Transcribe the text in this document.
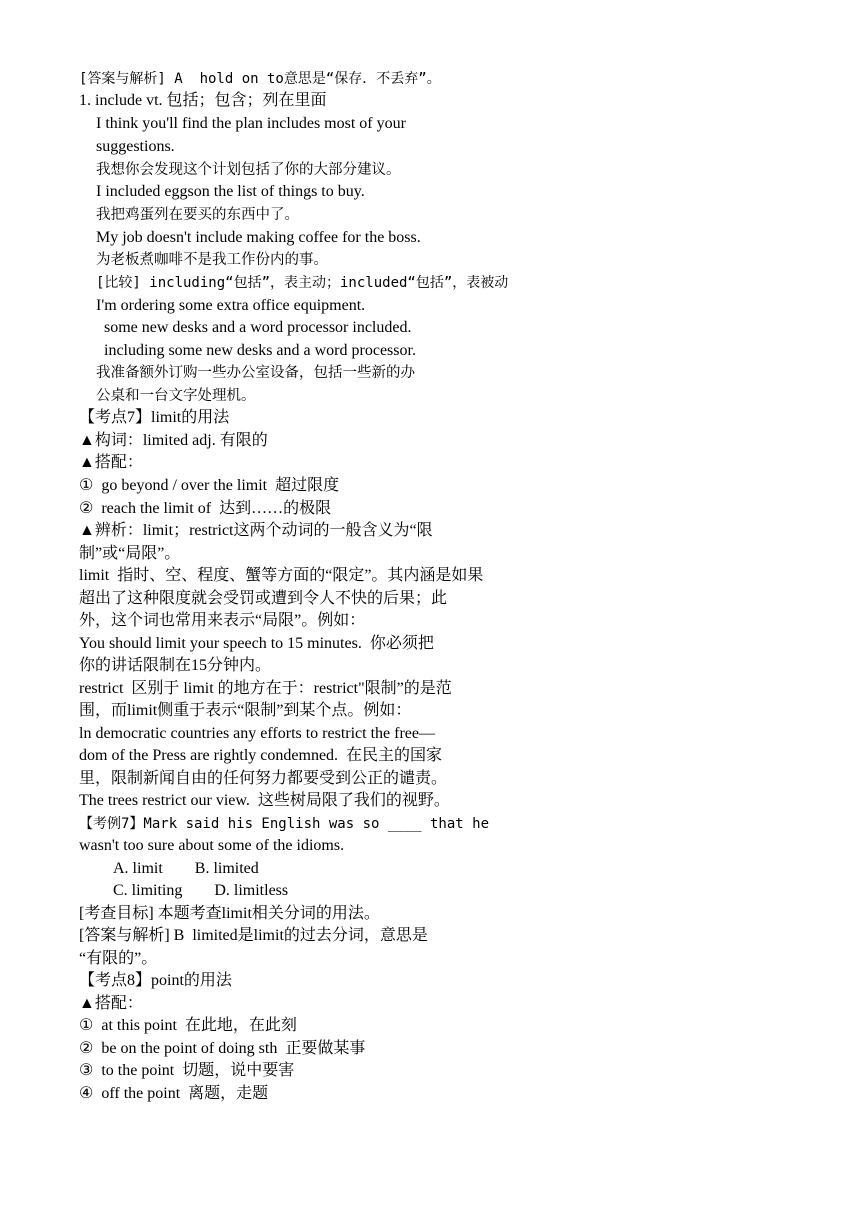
[答案与解析] A  hold on to意思是“保存．不丢弃”。
1. include vt. 包括；包含；列在里面
I think you'll find the plan includes most of your
suggestions.
我想你会发现这个计划包括了你的大部分建议。
I included eggson the list of things to buy.
我把鸡蛋列在要买的东西中了。
My job doesn't include making coffee for the boss.
为老板煮咖啡不是我工作份内的事。
[比较] including“包括”，表主动；included“包括”，表被动
I'm ordering some extra office equipment.
some new desks and a word processor included.
including some new desks and a word processor.
我准备额外订购一些办公室设备，包括一些新的办
公桌和一台文字处理机。
【考点7】limit的用法
▲构词：limited adj. 有限的
▲搭配：
①  go beyond / over the limit  超过限度
②  reach the limit of  达到……的极限
▲辨析：limit；restrict这两个动词的一般含义为“限
制”或“局限”。
limit  指时、空、程度、蟹等方面的“限定”。其内涵是如果
超出了这种限度就会受罚或遭到令人不快的后果；此
外，这个词也常用来表示“局限”。例如：
You should limit your speech to 15 minutes.  你必须把
你的讲话限制在15分钟内。
restrict  区别于 limit 的地方在于：restrict"限制”的是范
围，而limit侧重于表示“限制”到某个点。例如：
ln democratic countries any efforts to restrict the free—
dom of the Press are rightly condemned.  在民主的国家
里，限制新闻自由的任何努力都要受到公正的谴责。
The trees restrict our view.  这些树局限了我们的视野。
【考例7】Mark said his English was so ____ that he
wasn't too sure about some of the idioms.
A. limit        B. limited
C. limiting        D. limitless
[考查目标] 本题考查limit相关分词的用法。
[答案与解析] B  limited是limit的过去分词，意思是
“有限的”。
【考点8】point的用法
▲搭配：
①  at this point  在此地，在此刻
②  be on the point of doing sth  正要做某事
③  to the point  切题，说中要害
④  off the point  离题，走题
